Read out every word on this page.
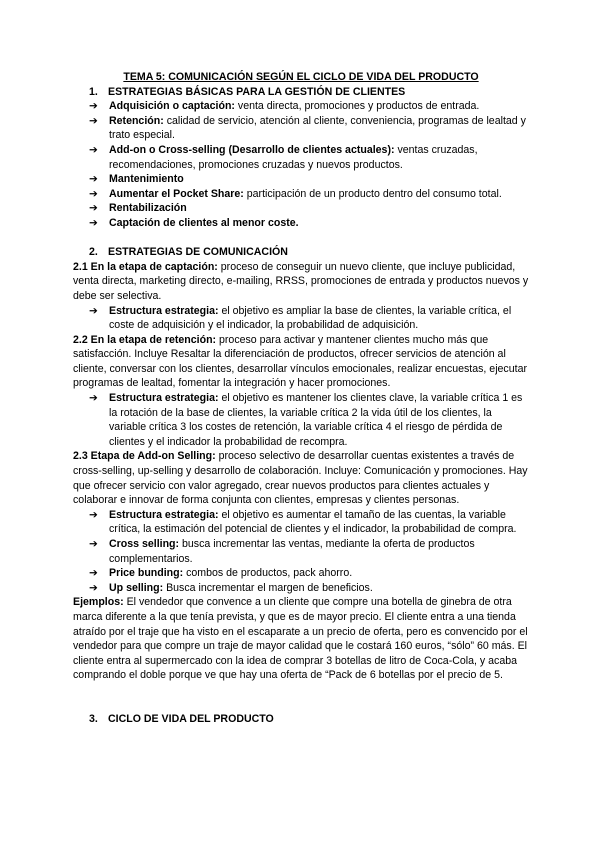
TEMA 5: COMUNICACIÓN SEGÚN EL CICLO DE VIDA DEL PRODUCTO

1. ESTRATEGIAS BÁSICAS PARA LA GESTIÓN DE CLIENTES

➔ Adquisición o captación: venta directa, promociones y productos de entrada.
➔ Retención: calidad de servicio, atención al cliente, conveniencia, programas de lealtad y trato especial.
➔ Add-on o Cross-selling (Desarrollo de clientes actuales): ventas cruzadas, recomendaciones, promociones cruzadas y nuevos productos.
➔ Mantenimiento
➔ Aumentar el Pocket Share: participación de un producto dentro del consumo total.
➔ Rentabilización
➔ Captación de clientes al menor coste.

2. ESTRATEGIAS DE COMUNICACIÓN

2.1 En la etapa de captación: proceso de conseguir un nuevo cliente, que incluye publicidad, venta directa, marketing directo, e-mailing, RRSS, promociones de entrada y productos nuevos y debe ser selectiva.

➔ Estructura estrategia: el objetivo es ampliar la base de clientes, la variable crítica, el coste de adquisición y el indicador, la probabilidad de adquisición.

2.2 En la etapa de retención: proceso para activar y mantener clientes mucho más que satisfacción. Incluye Resaltar la diferenciación de productos, ofrecer servicios de atención al cliente, conversar con los clientes, desarrollar vínculos emocionales, realizar encuestas, ejecutar programas de lealtad, fomentar la integración y hacer promociones.

➔ Estructura estrategia: el objetivo es mantener los clientes clave, la variable crítica 1 es la rotación de la base de clientes, la variable crítica 2 la vida útil de los clientes, la variable crítica 3 los costes de retención, la variable crítica 4 el riesgo de pérdida de clientes y el indicador la probabilidad de recompra.

2.3 Etapa de Add-on Selling: proceso selectivo de desarrollar cuentas existentes a través de cross-selling, up-selling y desarrollo de colaboración. Incluye: Comunicación y promociones. Hay que ofrecer servicio con valor agregado, crear nuevos productos para clientes actuales y colaborar e innovar de forma conjunta con clientes, empresas y clientes personas.

➔ Estructura estrategia: el objetivo es aumentar el tamaño de las cuentas, la variable crítica, la estimación del potencial de clientes y el indicador, la probabilidad de compra.
➔ Cross selling: busca incrementar las ventas, mediante la oferta de productos complementarios.
➔ Price bunding: combos de productos, pack ahorro.
➔ Up selling: Busca incrementar el margen de beneficios.

Ejemplos: El vendedor que convence a un cliente que compre una botella de ginebra de otra marca diferente a la que tenía prevista, y que es de mayor precio. El cliente entra a una tienda atraído por el traje que ha visto en el escaparate a un precio de oferta, pero es convencido por el vendedor para que compre un traje de mayor calidad que le costará 160 euros, “sólo” 60 más. El cliente entra al supermercado con la idea de comprar 3 botellas de litro de Coca-Cola, y acaba comprando el doble porque ve que hay una oferta de “Pack de 6 botellas por el precio de 5.

3. CICLO DE VIDA DEL PRODUCTO
